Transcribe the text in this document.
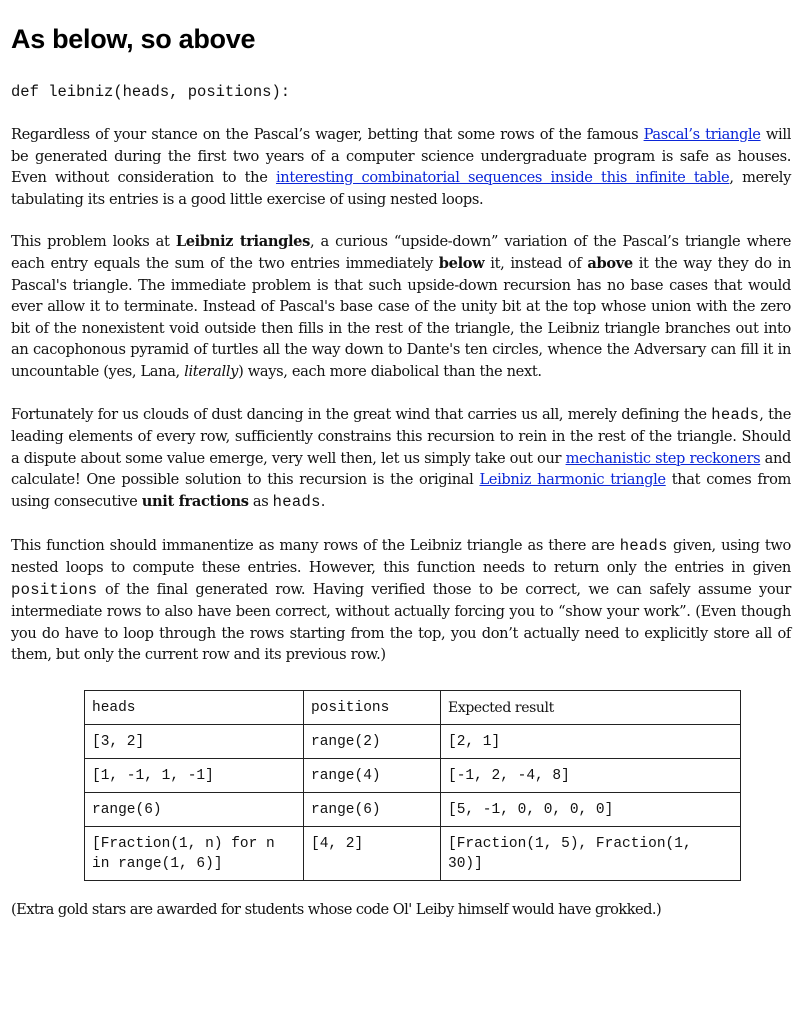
As below, so above
def leibniz(heads, positions):

Regardless of your stance on the Pascal’s wager, betting that some rows of the famous Pascal’s triangle will be generated during the first two years of a computer science undergraduate program is safe as houses. Even without consideration to the interesting combinatorial sequences inside this infinite table, merely tabulating its entries is a good little exercise of using nested loops.

This problem looks at Leibniz triangles, a curious “upside-down” variation of the Pascal’s triangle where each entry equals the sum of the two entries immediately below it, instead of above it the way they do in Pascal's triangle. The immediate problem is that such upside-down recursion has no base cases that would ever allow it to terminate. Instead of Pascal's base case of the unity bit at the top whose union with the zero bit of the nonexistent void outside then fills in the rest of the triangle, the Leibniz triangle branches out into an cacophonous pyramid of turtles all the way down to Dante's ten circles, whence the Adversary can fill it in uncountable (yes, Lana, literally) ways, each more diabolical than the next.

Fortunately for us clouds of dust dancing in the great wind that carries us all, merely defining the heads, the leading elements of every row, sufficiently constrains this recursion to rein in the rest of the triangle. Should a dispute about some value emerge, very well then, let us simply take out our mechanistic step reckoners and calculate! One possible solution to this recursion is the original Leibniz harmonic triangle that comes from using consecutive unit fractions as heads.

This function should immanentize as many rows of the Leibniz triangle as there are heads given, using two nested loops to compute these entries. However, this function needs to return only the entries in given positions of the final generated row. Having verified those to be correct, we can safely assume your intermediate rows to also have been correct, without actually forcing you to “show your work”. (Even though you do have to loop through the rows starting from the top, you don’t actually need to explicitly store all of them, but only the current row and its previous row.)

heads	positions	Expected result
[3, 2]	range(2)	[2, 1]
[1, -1, 1, -1]	range(4)	[-1, 2, -4, 8]
range(6)	range(6)	[5, -1, 0, 0, 0, 0]
[Fraction(1, n) for n in range(1, 6)]	[4, 2]	[Fraction(1, 5), Fraction(1, 30)]

(Extra gold stars are awarded for students whose code Ol' Leiby himself would have grokked.)
